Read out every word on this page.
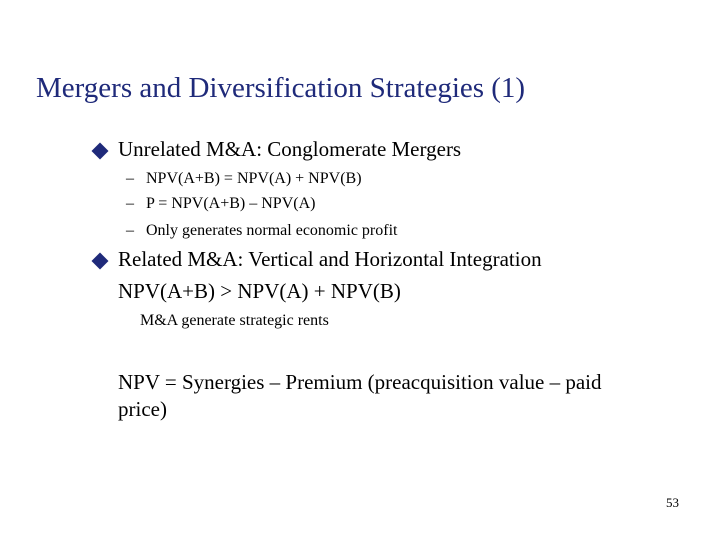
Mergers and Diversification Strategies (1)
Unrelated M&A: Conglomerate Mergers
– NPV(A+B) = NPV(A) + NPV(B)
– P = NPV(A+B) – NPV(A)
– Only generates normal economic profit
Related M&A: Vertical and Horizontal Integration
NPV(A+B) > NPV(A) + NPV(B)
M&A generate strategic rents
NPV = Synergies – Premium (preacquisition value – paid
price)
53
